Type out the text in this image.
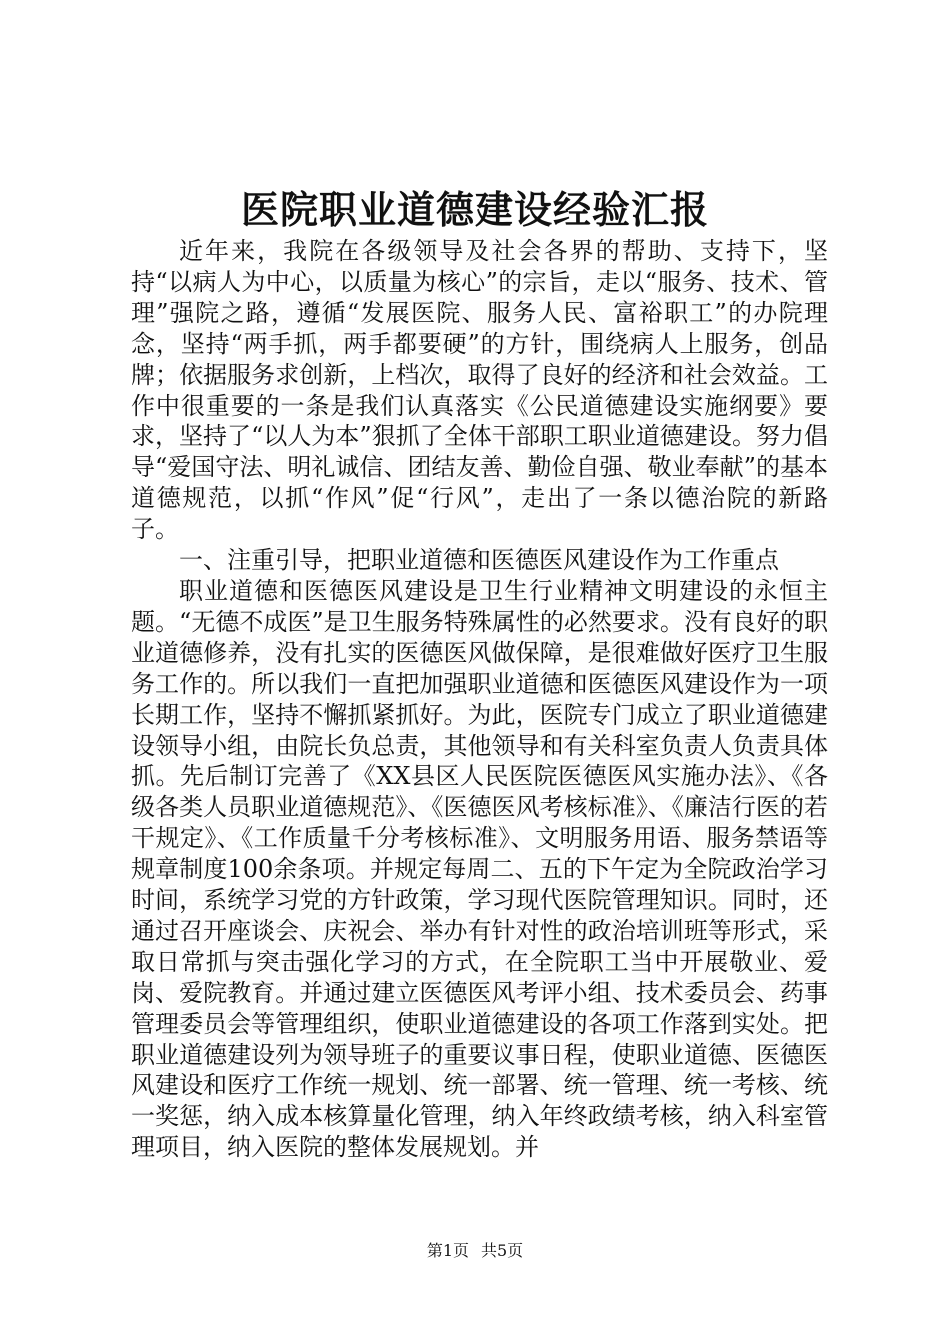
医院职业道德建设经验汇报

近年来，我院在各级领导及社会各界的帮助、支持下，坚持“以病人为中心，以质量为核心”的宗旨，走以“服务、技术、管理”强院之路，遵循“发展医院、服务人民、富裕职工”的办院理念，坚持“两手抓，两手都要硬”的方针，围绕病人上服务，创品牌；依据服务求创新，上档次，取得了良好的经济和社会效益。工作中很重要的一条是我们认真落实《公民道德建设实施纲要》要求，坚持了“以人为本”狠抓了全体干部职工职业道德建设。努力倡导“爱国守法、明礼诚信、团结友善、勤俭自强、敬业奉献”的基本道德规范，以抓“作风”促“行风”，走出了一条以德治院的新路子。

一、注重引导，把职业道德和医德医风建设作为工作重点

职业道德和医德医风建设是卫生行业精神文明建设的永恒主题。“无德不成医”是卫生服务特殊属性的必然要求。没有良好的职业道德修养，没有扎实的医德医风做保障，是很难做好医疗卫生服务工作的。所以我们一直把加强职业道德和医德医风建设作为一项长期工作，坚持不懈抓紧抓好。为此，医院专门成立了职业道德建设领导小组，由院长负总责，其他领导和有关科室负责人负责具体抓。先后制订完善了《XX县区人民医院医德医风实施办法》、《各级各类人员职业道德规范》、《医德医风考核标准》、《廉洁行医的若干规定》、《工作质量千分考核标准》、文明服务用语、服务禁语等规章制度100余条项。并规定每周二、五的下午定为全院政治学习时间，系统学习党的方针政策，学习现代医院管理知识。同时，还通过召开座谈会、庆祝会、举办有针对性的政治培训班等形式，采取日常抓与突击强化学习的方式，在全院职工当中开展敬业、爱岗、爱院教育。并通过建立医德医风考评小组、技术委员会、药事管理委员会等管理组织，使职业道德建设的各项工作落到实处。把职业道德建设列为领导班子的重要议事日程，使职业道德、医德医风建设和医疗工作统一规划、统一部署、统一管理、统一考核、统一奖惩，纳入成本核算量化管理，纳入年终政绩考核，纳入科室管理项目，纳入医院的整体发展规划。并

第1页 共5页
